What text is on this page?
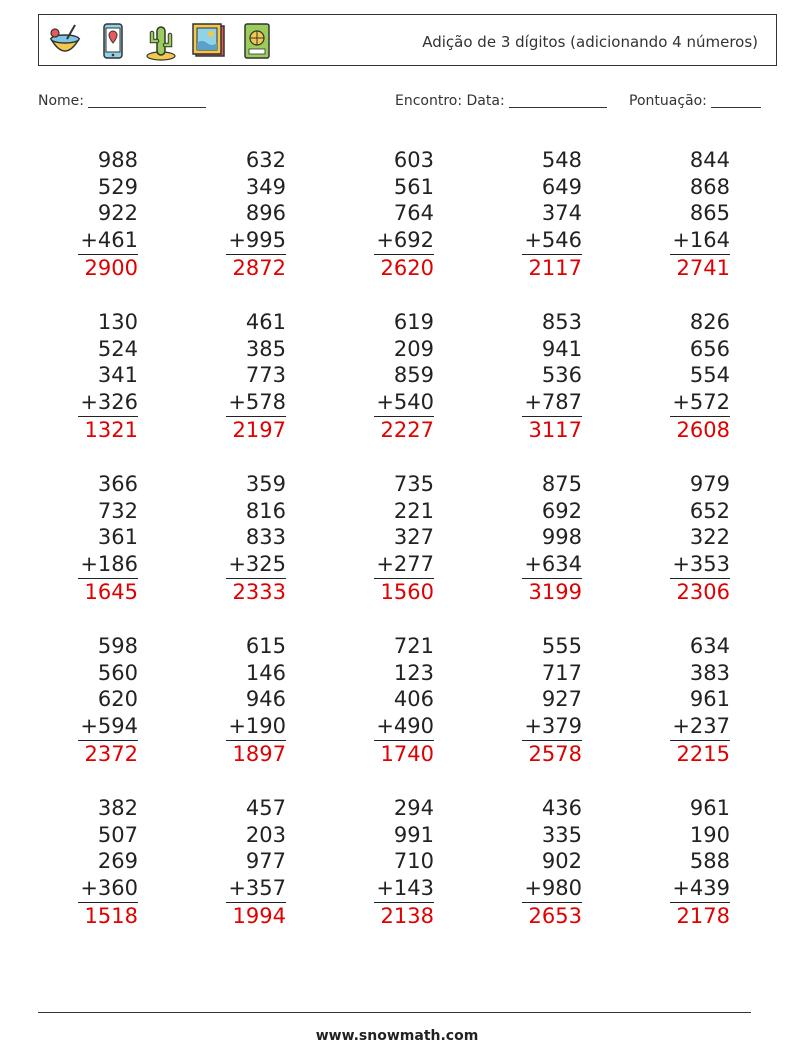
Adição de 3 dígitos (adicionando 4 números)
Nome:	Encontro: Data:	Pontuação:
988
529
922
+461
2900
632
349
896
+995
2872
603
561
764
+692
2620
548
649
374
+546
2117
844
868
865
+164
2741
130
524
341
+326
1321
461
385
773
+578
2197
619
209
859
+540
2227
853
941
536
+787
3117
826
656
554
+572
2608
366
732
361
+186
1645
359
816
833
+325
2333
735
221
327
+277
1560
875
692
998
+634
3199
979
652
322
+353
2306
598
560
620
+594
2372
615
146
946
+190
1897
721
123
406
+490
1740
555
717
927
+379
2578
634
383
961
+237
2215
382
507
269
+360
1518
457
203
977
+357
1994
294
991
710
+143
2138
436
335
902
+980
2653
961
190
588
+439
2178
www.snowmath.com
